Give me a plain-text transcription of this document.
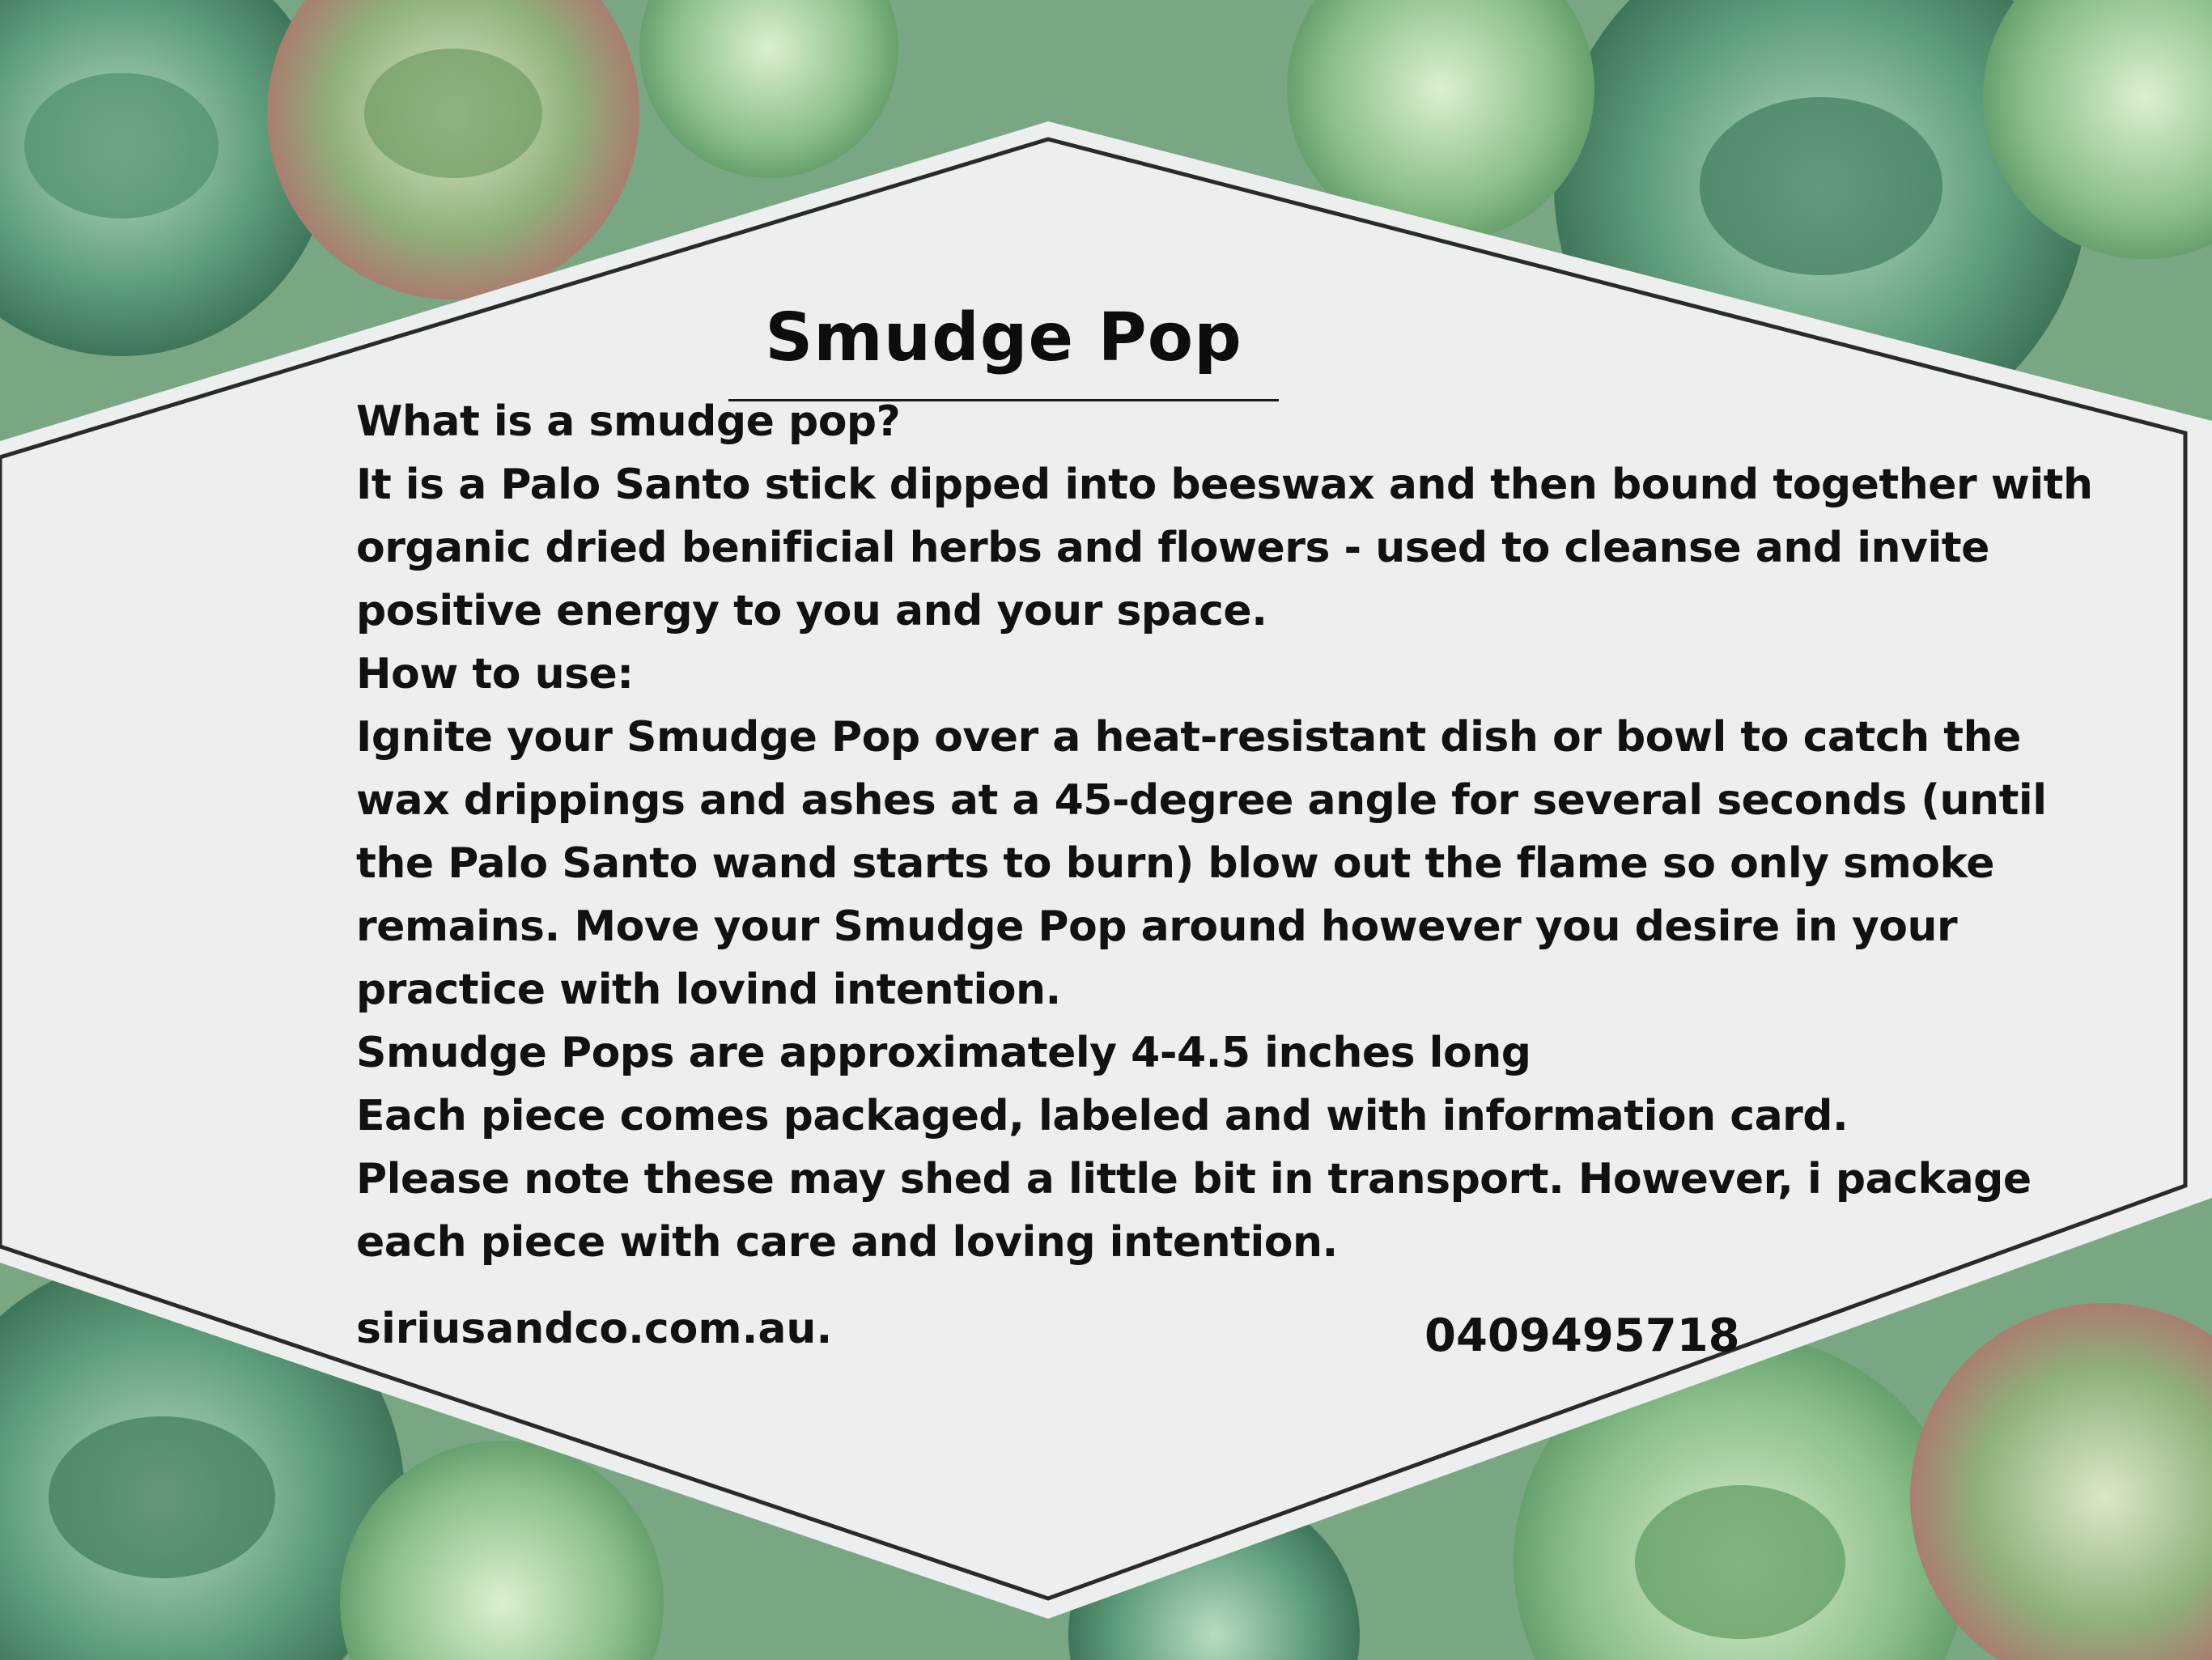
Smudge Pop
What is a smudge pop?
It is a Palo Santo stick dipped into beeswax and then bound together with
organic dried benificial herbs and flowers - used to cleanse and invite
positive energy to you and your space.
How to use:
Ignite your Smudge Pop over a heat-resistant dish or bowl to catch the
wax drippings and ashes at a 45-degree angle for several seconds (until
the Palo Santo wand starts to burn) blow out the flame so only smoke
remains. Move your Smudge Pop around however you desire in your
practice with lovind intention.
Smudge Pops are approximately 4-4.5 inches long
Each piece comes packaged, labeled and with information card.
Please note these may shed a little bit in transport. However, i package
each piece with care and loving intention.
siriusandco.com.au.	0409495718
